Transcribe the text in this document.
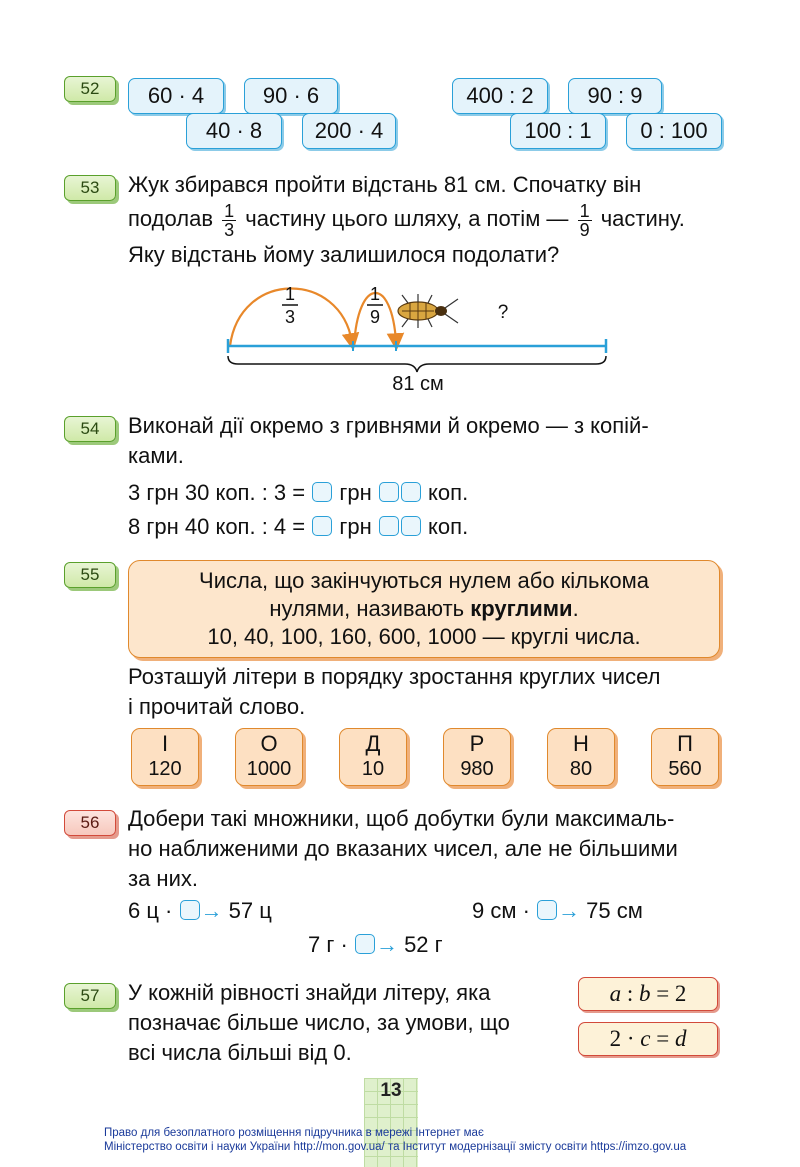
52	60 · 4	90 · 6
40 · 8	200 · 4
400 : 2	90 : 9
100 : 1	0 : 100
53	Жук збирався пройти відстань 81 см. Спочатку він
подолав $\frac{1}{3}$ частину цього шляху, а потім — $\frac{1}{9}$ частину.
Яку відстань йому залишилося подолати?
1
3
1
9	?
81 см
54	Виконай дії окремо з гривнями й окремо — з копій-
ками.
3 грн 30 коп. : 3 = грн	коп.
8 грн 40 коп. : 4 = грн	коп.
55	Числа, що закінчуються нулем або кількома
нулями, називають круглими.
10, 40, 100, 160, 600, 1000 — круглі числа.
Розташуй літери в порядку зростання круглих чисел
і прочитай слово.
І
120
О
1000
Д
10
Р
980
Н
80
П
560
56	Добери такі множники, щоб добутки були максималь-
но наближеними до вказаних чисел, але не більшими
за них.
6 ц · → 57 ц	9 см · → 75 см
7 г · → 52 г
57	У кожній рівності знайди літеру, яка
позначає більше число, за умови, що
всі числа більші від 0.
a : b = 2
2 · c = d
13
Право для безоплатного розміщення підручника в мережі Інтернет має
Міністерство освіти і науки України http://mon.gov.ua/ та Інститут модернізації змісту освіти https://imzo.gov.ua
